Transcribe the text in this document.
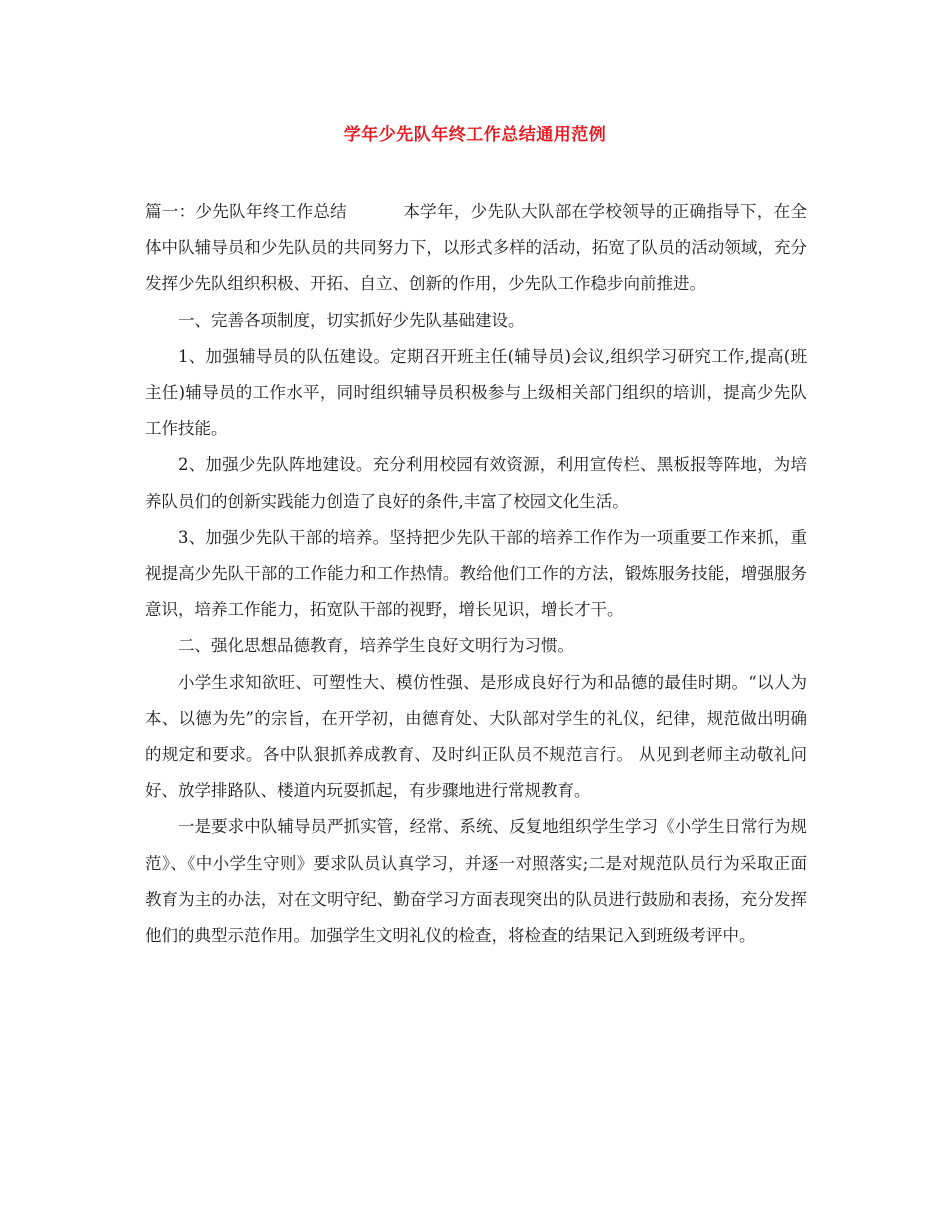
学年少先队年终工作总结通用范例

篇一：少先队年终工作总结	本学年，少先队大队部在学校领导的正确指导下，在全体中队辅导员和少先队员的共同努力下，以形式多样的活动，拓宽了队员的活动领域，充分发挥少先队组织积极、开拓、自立、创新的作用，少先队工作稳步向前推进。

一、完善各项制度，切实抓好少先队基础建设。

1、加强辅导员的队伍建设。定期召开班主任(辅导员)会议,组织学习研究工作,提高(班主任)辅导员的工作水平，同时组织辅导员积极参与上级相关部门组织的培训，提高少先队工作技能。

2、加强少先队阵地建设。充分利用校园有效资源，利用宣传栏、黑板报等阵地，为培养队员们的创新实践能力创造了良好的条件,丰富了校园文化生活。

3、加强少先队干部的培养。坚持把少先队干部的培养工作作为一项重要工作来抓，重视提高少先队干部的工作能力和工作热情。教给他们工作的方法，锻炼服务技能，增强服务意识，培养工作能力，拓宽队干部的视野，增长见识，增长才干。

二、强化思想品德教育，培养学生良好文明行为习惯。

小学生求知欲旺、可塑性大、模仿性强、是形成良好行为和品德的最佳时期。“以人为本、以德为先”的宗旨，在开学初，由德育处、大队部对学生的礼仪，纪律，规范做出明确的规定和要求。各中队狠抓养成教育、及时纠正队员不规范言行。 从见到老师主动敬礼问好、放学排路队、楼道内玩耍抓起，有步骤地进行常规教育。

一是要求中队辅导员严抓实管，经常、系统、反复地组织学生学习《小学生日常行为规范》、《中小学生守则》要求队员认真学习，并逐一对照落实;二是对规范队员行为采取正面教育为主的办法，对在文明守纪、勤奋学习方面表现突出的队员进行鼓励和表扬，充分发挥他们的典型示范作用。加强学生文明礼仪的检查，将检查的结果记入到班级考评中。
